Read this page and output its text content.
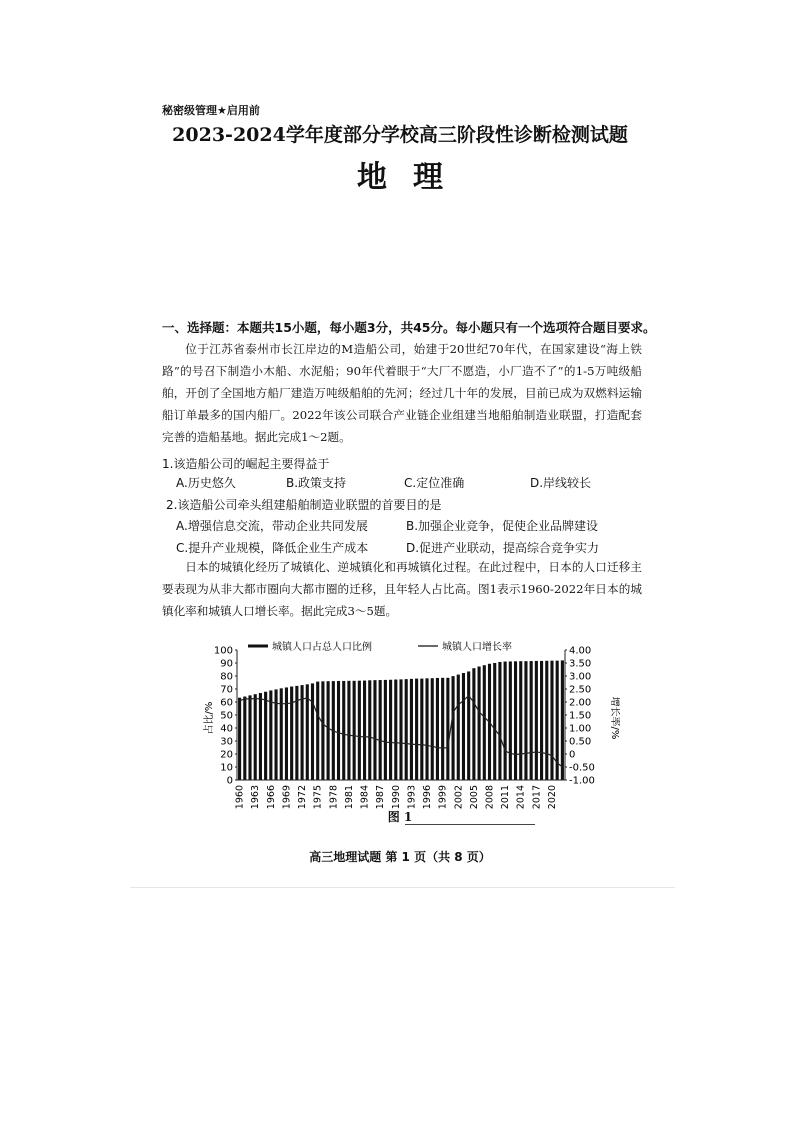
秘密级管理★启用前
2023-2024学年度部分学校高三阶段性诊断检测试题
地理
一、选择题：本题共15小题，每小题3分，共45分。每小题只有一个选项符合题目要求。
位于江苏省泰州市长江岸边的M造船公司，始建于20世纪70年代，在国家建设“海上铁路”的号召下制造小木船、水泥船；90年代着眼于“大厂不愿造，小厂造不了”的1-5万吨级船舶，开创了全国地方船厂建造万吨级船舶的先河；经过几十年的发展，目前已成为双燃料运输船订单最多的国内船厂。2022年该公司联合产业链企业组建当地船舶制造业联盟，打造配套完善的造船基地。据此完成1～2题。
1.该造船公司的崛起主要得益于
A.历史悠久	B.政策支持	C.定位准确	D.岸线较长
2.该造船公司牵头组建船舶制造业联盟的首要目的是
A.增强信息交流，带动企业共同发展	B.加强企业竞争，促使企业品牌建设
C.提升产业规模，降低企业生产成本	D.促进产业联动，提高综合竞争实力
日本的城镇化经历了城镇化、逆城镇化和再城镇化过程。在此过程中，日本的人口迁移主要表现为从非大都市圈向大都市圈的迁移，且年轻人占比高。图1表示1960-2022年日本的城镇化率和城镇人口增长率。据此完成3～5题。
0
10
20
30
40
50
60
70
80
90
100
-1.00
-0.50
0
0.50
1.00
1.50
2.00
2.50
3.00
3.50
4.00
1960 1963 1966 1969 1972 1975 1978 1981 1984 1987 1990 1993 1996 1999 2002 2005 2008 2011 2014 2017 2020
城镇人口占总人口比例	城镇人口增长率
占比/%	增长率/%
图 1
高三地理试题 第 1 页（共 8 页）
